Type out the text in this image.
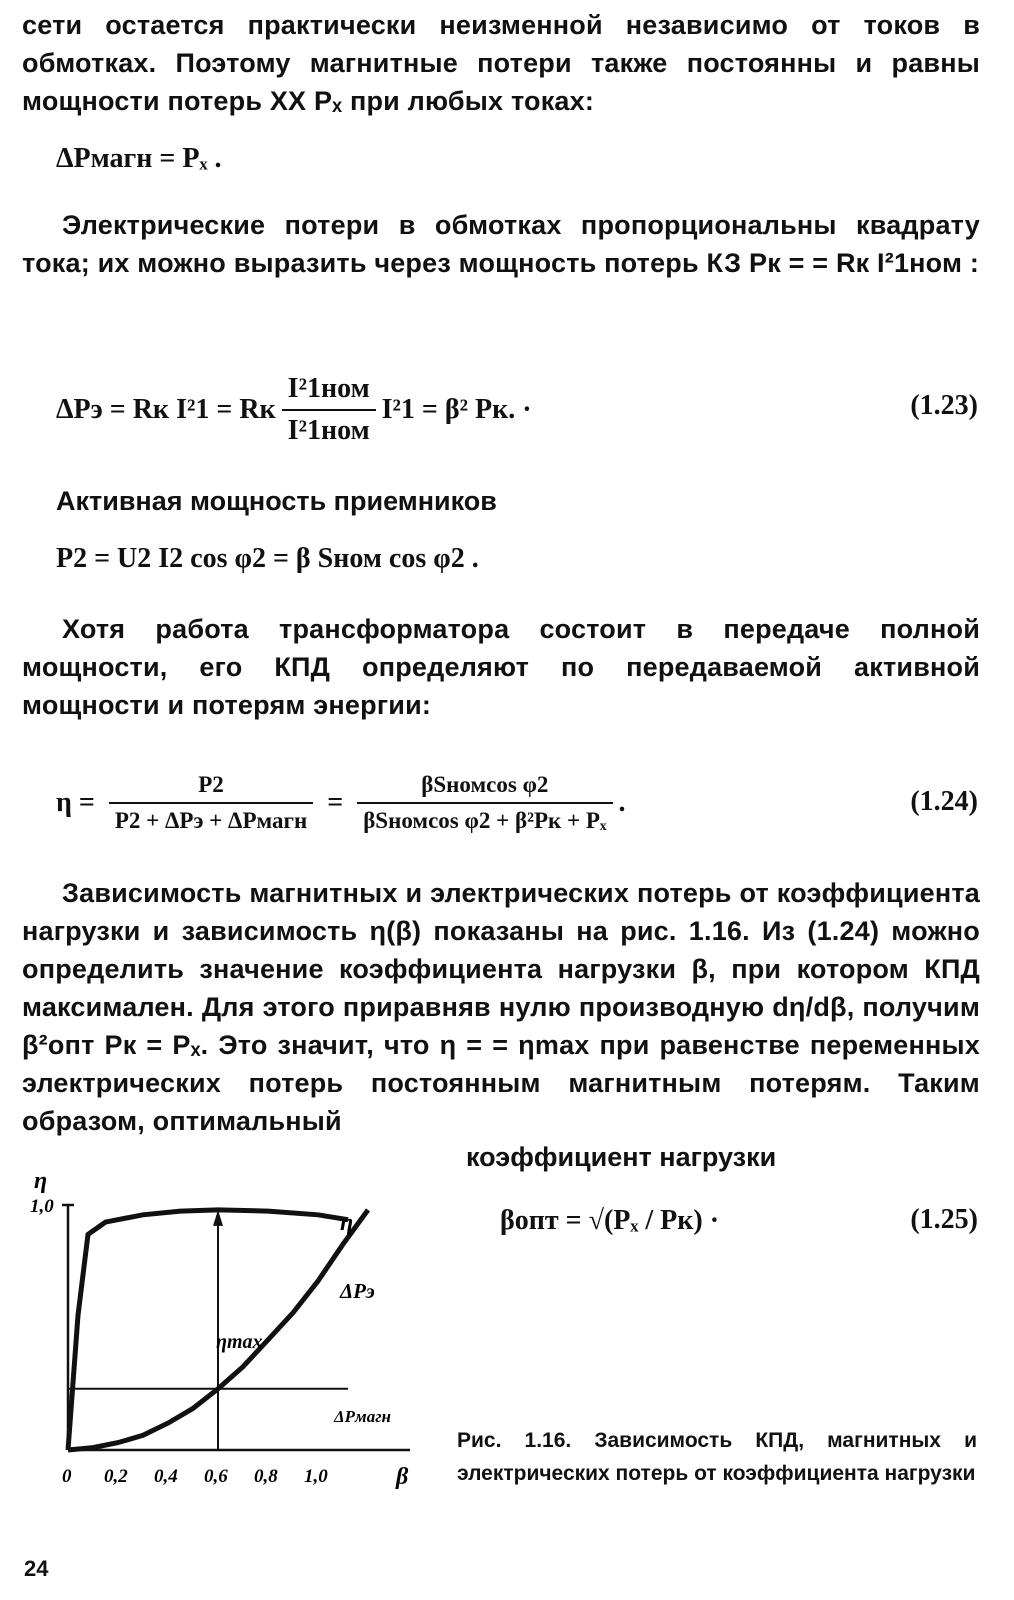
сети остается практически неизменной независимо от токов в обмотках. Поэтому магнитные потери также постоянны и равны мощности потерь ХХ Pₓ при любых токах:
ΔPмагн = Pₓ .
Электрические потери в обмотках пропорциональны квадрату тока; их можно выразить через мощность потерь КЗ Pк = = Rк I²1ном :
ΔPэ = Rк I²1 = Rк $\frac{\text{I²1ном}}{\text{I²1ном}} I^21 = \beta^2$ Pк. ·	(1.23)
Активная мощность приемников
P2 = U2 I2 cos φ2 = β Sном cos φ2 .
Хотя работа трансформатора состоит в передаче полной мощности, его КПД определяют по передаваемой активной мощности и потерям энергии:
$\eta = \frac{P2}{\text{P2 + ΔPэ + ΔPмагн}} = \frac{\text{βSномcos φ2}}{\text{βSномcos φ2 + β²Pк + Pₓ}}$ .	(1.24)
Зависимость магнитных и электрических потерь от коэффициента нагрузки и зависимость η(β) показаны на рис. 1.16. Из (1.24) можно определить значение коэффициента нагрузки β, при котором КПД максимален. Для этого приравняв нулю производную dη/dβ, получим β²опт Pк = Pₓ. Это значит, что η = = ηmax при равенстве переменных электрических потерь постоянным магнитным потерям. Таким образом, оптимальный
коэффициент нагрузки
βопт = √(Pₓ / Pк) ·	(1.25)
η
1,0
β
0 0,2 0,4 0,6 0,8 1,0
η
ΔPэ
ηmax
ΔPмагн
Рис. 1.16. Зависимость КПД, магнитных и электрических потерь от коэффициента нагрузки
24
